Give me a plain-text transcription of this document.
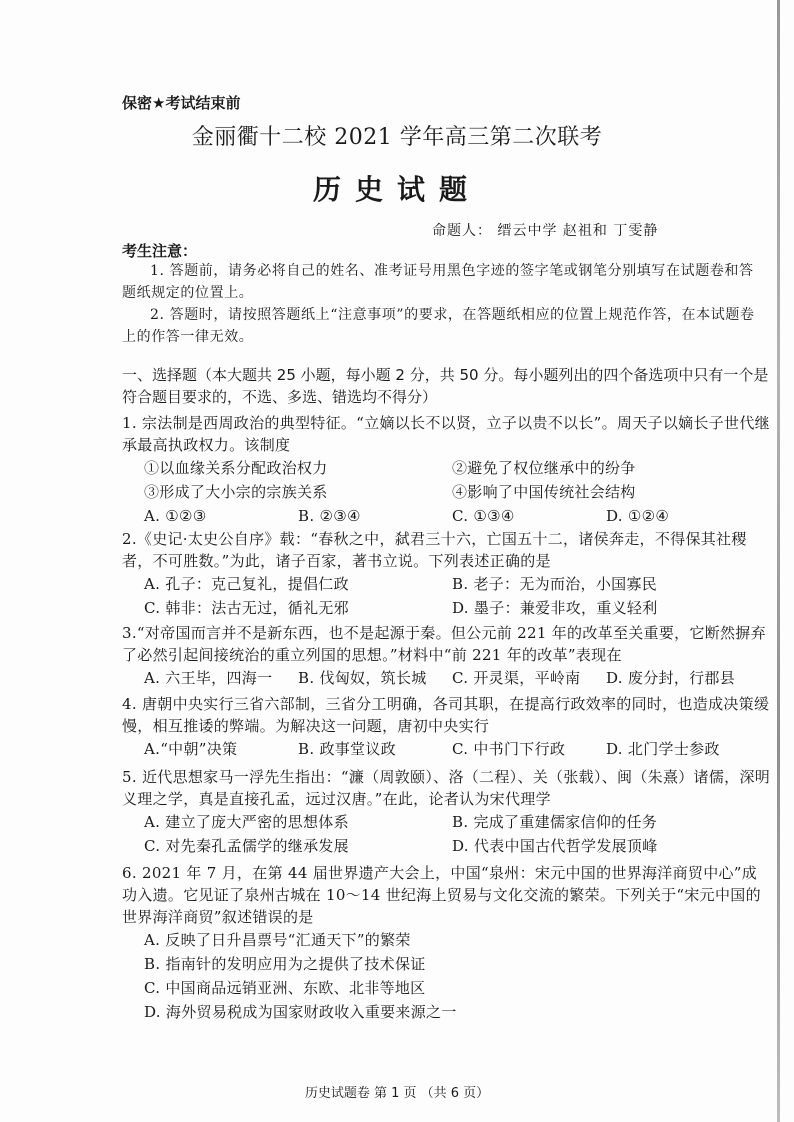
保密★考试结束前
金丽衢十二校 2021 学年高三第二次联考
历史试题
命题人： 缙云中学 赵祖和 丁雯静
考生注意：

1. 答题前，请务必将自己的姓名、准考证号用黑色字迹的签字笔或钢笔分别填写在试题卷和答题纸规定的位置上。

2. 答题时，请按照答题纸上“注意事项”的要求，在答题纸相应的位置上规范作答，在本试题卷上的作答一律无效。

一、选择题（本大题共 25 小题，每小题 2 分，共 50 分。每小题列出的四个备选项中只有一个是符合题目要求的，不选、多选、错选均不得分）
1. 宗法制是西周政治的典型特征。“立嫡以长不以贤，立子以贵不以长”。周天子以嫡长子世代继承最高执政权力。该制度
①以血缘关系分配政治权力	②避免了权位继承中的纷争
③形成了大小宗的宗族关系	④影响了中国传统社会结构
A. ①②③	B. ②③④	C. ①③④	D. ①②④
2.《史记·太史公自序》载：“春秋之中，弑君三十六，亡国五十二，诸侯奔走，不得保其社稷者，不可胜数。”为此，诸子百家，著书立说。下列表述正确的是
A. 孔子：克己复礼，提倡仁政	B. 老子：无为而治，小国寡民
C. 韩非：法古无过，循礼无邪	D. 墨子：兼爱非攻，重义轻利
3.“对帝国而言并不是新东西，也不是起源于秦。但公元前 221 年的改革至关重要，它断然摒弃了必然引起间接统治的重立列国的思想。”材料中“前 221 年的改革”表现在
A. 六王毕，四海一 B. 伐匈奴，筑长城 C. 开灵渠，平岭南 D. 废分封，行郡县
4. 唐朝中央实行三省六部制，三省分工明确，各司其职，在提高行政效率的同时，也造成决策缓慢，相互推诿的弊端。为解决这一问题，唐初中央实行
A.“中朝”决策	B. 政事堂议政	C. 中书门下行政	D. 北门学士参政
5. 近代思想家马一浮先生指出：“濂（周敦颐）、洛（二程）、关（张载）、闽（朱熹）诸儒，深明义理之学，真是直接孔孟，远过汉唐。”在此，论者认为宋代理学
A. 建立了庞大严密的思想体系	B. 完成了重建儒家信仰的任务
C. 对先秦孔孟儒学的继承发展	D. 代表中国古代哲学发展顶峰
6. 2021 年 7 月，在第 44 届世界遗产大会上，中国“泉州：宋元中国的世界海洋商贸中心”成功入遗。它见证了泉州古城在 10～14 世纪海上贸易与文化交流的繁荣。下列关于“宋元中国的世界海洋商贸”叙述错误的是
A. 反映了日升昌票号“汇通天下”的繁荣
B. 指南针的发明应用为之提供了技术保证
C. 中国商品远销亚洲、东欧、北非等地区
D. 海外贸易税成为国家财政收入重要来源之一
历史试题卷 第 1 页 （共 6 页）
